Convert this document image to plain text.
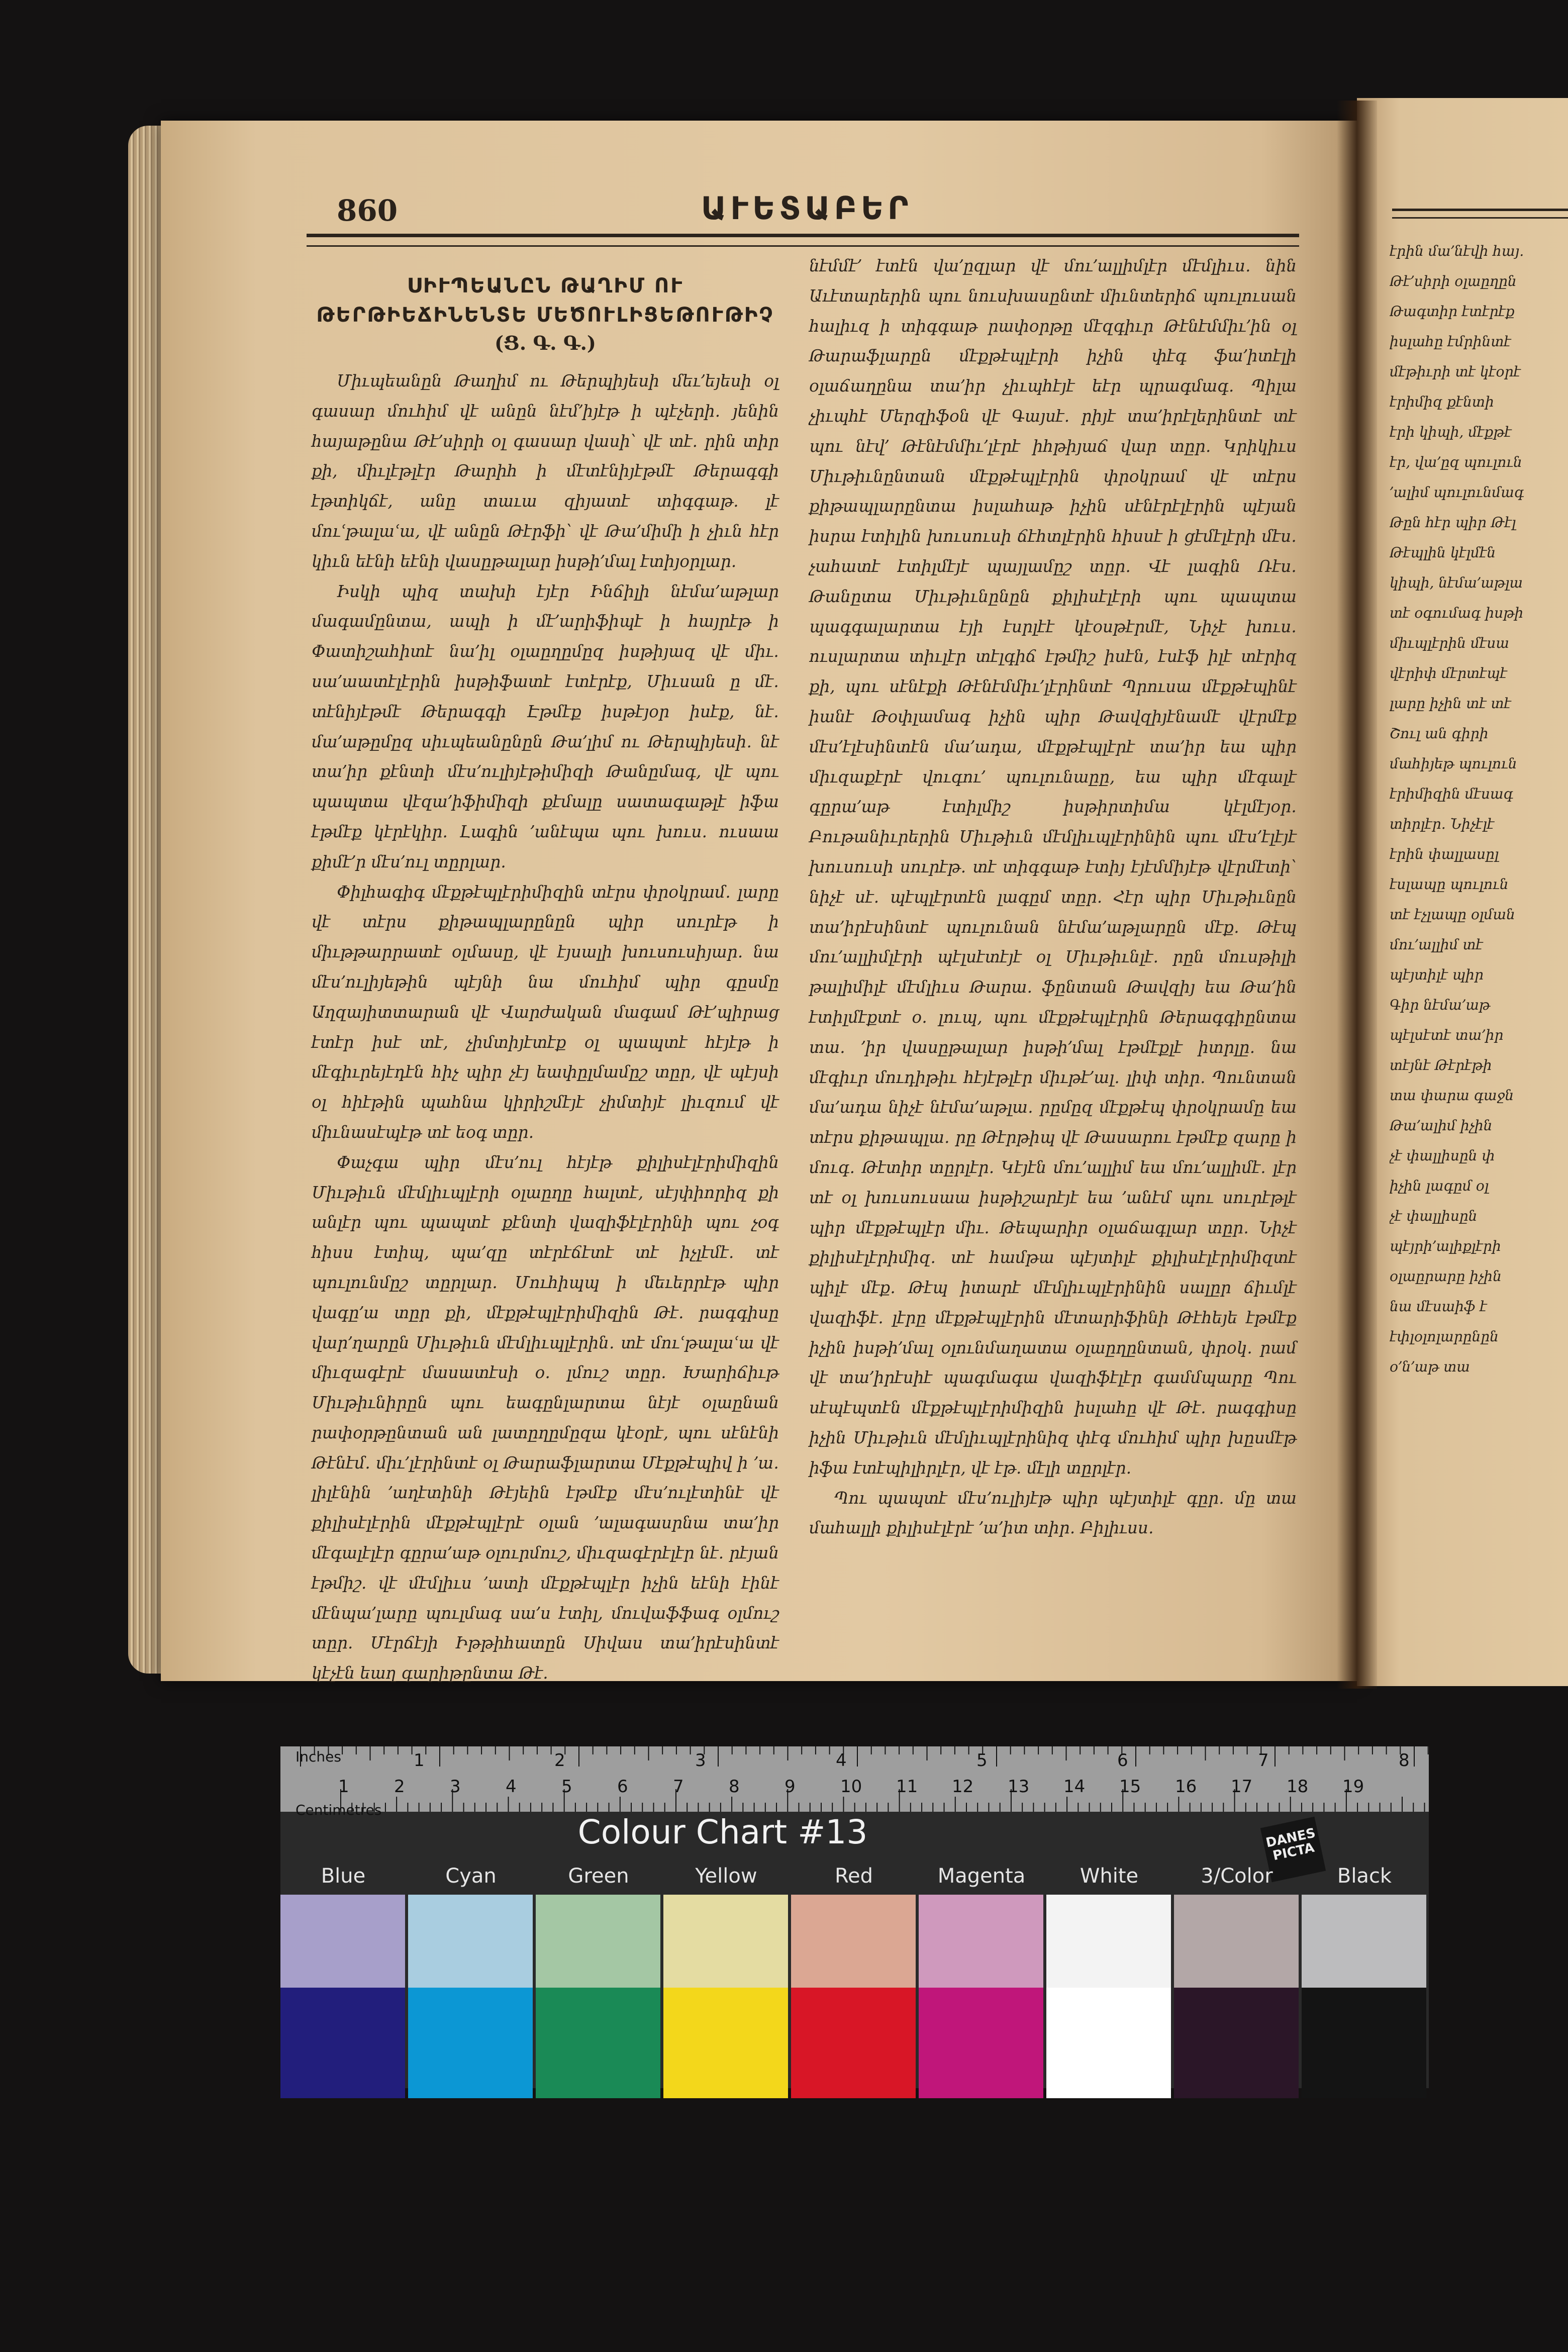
860	ԱՒԵՏԱԲԵՐ
ՍԻՒՊԵԱՆԸՆ ԹԱՂԻՄ ՈՒ ԹԵՐԹԻԵՃԻՆԵՆՏԵ ՄԵԾՈՒԼԻՑԵԹՈՒԹԻՉ
(Ց. Գ. Գ.)

Միւպեանըն Թաղիմ ու Թերպիյեսի մեւ՚եյեսի օլ գասար մուհիմ վէ անըն նէմ՚իյէթ ի պէչերի․ յենին հայաթընա Թէ՚սիրի օլ գասար վասի՝ վէ տէ․ րին տիր քի, միւլէթլէր Թարիհ ի մէտէնիյէթմէ Թերագգի էթտիկճէ, անը տաւա զիյատէ տիգգաթ․ լէ մուՙթալաՙա, վէ անըն Թէրֆի՝ վէ Թա՚միմի ի չիւն հէր կիւն եէնի եէնի վասըթալար իսթի՚մալ էտիյօրլար․

Իսկի պիզ տախի էյէր Ինճիլի նէմա՚աթլար մագամընտա, ապի ի մէ՚արիֆիպէ ի հայրէթ ի Փատիշահիտէ նա՚իլ օլաըղըմըզ իսթիյազ վէ միւ․ սա՚աատէլէրին իսթիֆատէ էտէրէք, Միւսան ը մէ․ տէնիյէթմէ Թերագգի Էթմէք իսթէյօր իսէք, նէ․ մա՚աթըմըզ սիւպեանընըն Թա՚լիմ ու Թերպիյեսի․ նէ տա՚իր քէնտի մէս՚ուլիյէթիմիզի Թանըմագ, վէ պու պապտա վէզա՚իֆիմիզի քէմալը սատագաթլէ իֆա էթմէք կէրէկիր․ Լագին ՚անէպա պու խուս․ ուսաա քիմէ՚ր մէս՚ուլ տըրլար․

Փիլհագիգ մէքթէպլէրիմիզին տէրս փրօկրամ․ լարը վէ տէրս քիթապլարընըն պիր սուրէթ ի միւթթարրատէ օլմասը, վէ էյսալի խուսուսիյար․ նա մէս՚ուլիյեթին պէյնի նա մուհիմ պիր գըսմը Աղզայիտտարան վէ Վարժական մագամ Թէ՚պիրաց էտէր իսէ տէ, չիմտիյէտէք օլ պապտէ հէյէթ ի մէգիւրեյէդէն հիչ պիր չէյ եափըլմամըշ տըր, վէ պէյսի օլ հիէթին պահնա կիրիշմէյէ չիմտիյէ լիւզում վէ միւնասէպէթ տէ եօգ տըր․

Փաչգա պիր մէս՚ուլ հէյէթ քիլիսէլէրիմիզին Միւթիւն մէմլիւպլէրի օլաըղը հալտէ, սէյփիորիզ քի անլէր պու պապտէ քէնտի վազիֆէլէրինի պու չօգ հիսս էտիպ, պա՚զը տէրէճէտէ տէ իչլէմէ․ տէ պուլունմըշ տըրլար․ Մուհիպպ ի մեւերրէթ պիր վագը՚ա տըր քի, մէքթէպլէրիմիզին Թէ․ րագգիսը վար՚ղարըն Միւթիւն մէմլիւպլէրին․ տէ մուՙթալաՙա վէ միւզագէրէ մասատէսի օ․ լմուշ տըր․ Խարիճիւթ Միւթիւնիրըն պու եագընլարտա նէյէ օլաընան րափօրթընտան ան լատըղըմըզա կէօրէ, պու սէնէնի Թէնէմ․ միւ՚լէրինտէ օլ Թարաֆլարտա Մէքթէպիվ ի ՚ա․ լիլէնին ՚աղէտինի Թէյեին էթմէք մէս՚ուլէտինէ վէ քիլիսէլէրին մէքթէպլէրէ օլան ՚ալագասրնա տա՚իր մէգալէլէր գըրա՚աթ օլուրմուշ, միւզագէրէլէր նէ․ րէյան էթմիշ․ վէ մէմլիւս ՚ատի մէքթէպլէր իչին եէնի էինէ մէնպա՚լարը պուլմագ սա՚ս էտիլ, մուվաֆֆագ օլմուշ տըր․ Մէրճէյի Իթթիհատըն Սիվաս տա՚իրէսինտէ կէչէն եաղ գարիթընտա Թէ․

նէմմէ՚ էտէն վա՚ըզլար վէ մու՚ալլիմլէր մէմլիւս․ նին Աւէտարերին պու նուսխասընտէ միւնտերիճ պուլուսան հալիւզ ի տիգգաթ րափօրթը մէզգիւր Թէնէմմիւ՚ին օլ Թարաֆլարըն մէքթէպլէրի իչին փէգ ֆա՚իտէլի օլաճաղընա տա՚իր չիւպհէյէ եէր պրագմագ․ Պիլա չիւպհէ Մերզիֆօն վէ Գայսէ․ րիյէ տա՚իրէլերինտէ տէ պու նէվ՚ Թէնէմմիւ՚լէրէ իհթիյաճ վար տըր․ Կրիկիւս Միւթիւնընտան մէքթէպլէրին փրօկրամ վէ տէրս քիթապլարընտա իսլահաթ իչին սէնէրէլէրին պէյան իսրա էտիլին խուսուսի ճէհտլէրին հիսսէ ի ցէմէլէրի մէս․ չահատէ էտիլմէյէ պայլամըշ տըր․ Վէ լագին Ռէս․ Թանըտա Միւթիւնընըն քիլիսէլէրի պու պապտա պագգալարտա էյի էսրլէէ կէօսթէրմէ, Նիչէ խուս․ ուսլարտա տիւլէր տէլգիճ էթմիշ իսէն, էսէֆ իլէ տէրիզ քի, պու սէնէքի Թէնէմմիւ՚լէրինտէ Պրուսա մէքթէպինէ իանէ Թօփլամագ իչին պիր Թավզիյէնամէ վէրմէք մէս՚էլէսինտէն մա՚ադա, մէքթէպլէրէ տա՚իր եա պիր միւզաքէրէ վուգու՚ պուլունաըը, եա պիր մէգալէ գըրա՚աթ էտիլմիշ իսթիրտիմա կէլմէյօր․ Բութանիւրերին Միւթիւն մէմլիւպլէրինին պու մէս՚էլէյէ խուսուսի սուրէթ․ տէ տիգգաթ էտիյ էյէմմիյէթ վէրմէտի՝ նիչէ սէ․ պէպլէրտէն լագըմ տըր․ Հէր պիր Միւթիւնըն տա՚իրէսինտէ պուլունան նէմա՚աթլարըն մէք․ Թէպ մու՚ալլիմլէրի պէլսէտէյէ օլ Միւթիւնլէ․ րըն մուսթիլի թալիմիլէ մէմլիւս Թարա․ ֆընտան Թավզիյ եա Թա՚ին էտիլմէքտէ օ․ լուպ, պու մէքթէպլէրին Թերագգիընտա տա․ ՚իր վասըթալար իսթի՚մալ էթմէքլէ իտրլը․ նա մէգիւր մուդիթիւ հէյէթլէր միւթէ՚ալ․ լիփ տիր․ Պունտան մա՚ադա նիչէ նէմա՚աթլա․ րըմըզ մէքթէպ փրօկրամը եա տէրս քիթապլա․ րը Թէրթիպ վէ Թասարու էթմէք զարը ի մուգ․ Թէտիր տըրլէր․ Կէյէն մու՚ալլիմ եա մու՚ալլիմէ․ լէր տէ օլ խուսուսաա իսթիշարէյէ եա ՚անէմ պու սուրէթլէ պիր մէքթէպլէր միւ․ Թեպարիր օլաճագլար տըր․ Նիչէ քիլիսէլէրիմիզ․ տէ համթա պէյտիլէ քիլիսէլէրիմիզտէ պիլէ մէք․ Թէպ իտարէ մէմլիւպլէրինին սալըր ճիւմլէ վազիֆէ․ լէրը մէքթէպլէրին մէտարիֆինի Թէհեյե էթմէք իչին իսթի՚մալ օլունմաղատա օլաըղընտան, փրօկ․ րամ վէ տա՚իրէսիէ պագմագա վազիֆէլէր գամմպարը Պու սէպէպտէն մէքթէպլէրիմիզին իսլահը վէ Թէ․ րագգիսը իչին Միւթիւն մէմլիւպլէրինիզ փէգ մուհիմ պիր խըսմէթ իֆա էտէպիլիրլէր, վէ էթ․ մէլի տըրլէր․

Պու պապտէ մէս՚ուլիյէթ պիր պէյտիլէ գըր․ մը տա մահալլի քիլիսէլէրէ ՚ա՚իտ տիր․ Բիլիւսս․

էրին մա՚նէվի հայ․
Թէ՚սիրի օլաըղըն
Թագտիր էտէրէք
իսլահը էմրինտէ
մէթիւրի տէ կէօրէ
էրիմիզ քէնտի
էրի կիպի, մէքթէ
էր, վա՚ըզ պուլուն
՚ալիմ պուլունմագ
Թըն հէր պիր Թէլ
Թէպլին կէլմէն
կիպի, նէմա՚աթլա
տէ օգումագ իսթի
միւպլէրին մէսա
վէրիփ մէրտէպէ
լարը իչին տէ տէ
Շուլ ան գիրի
մահիյեթ պուլուն
էրիմիզին մէսագ
տիրլէր․ Նիչէլէ
էրին փալլասըլ
էսլապը պուլուն
տէ էչլապը օլման
մու՚ալլիմ տէ
պէյտիլէ պիր
Գիր նէմա՚աթ
պէլսէտէ տա՚իր
տէյնէ Թէրէթի
տա փարա գաջն
Թա՚ալիմ իչին
չէ փալլիսըն փ
իչին լագըմ օլ
չէ փալլիսըն
պէյրի՚ալիքլէրի
օլաըրարը իչին
նա մէսաիֆ է
էփլօլոլարընըն
օ՚ն՚աթ տա
Inches
Centimetres
1	2	3	4	5	6	7	8
1	2	3	4	5	6	7	8	9	10 11 12 13 14 15 16 17 18 19
Colour Chart #13	DANES PICTA
Blue	Cyan	Green	Yellow	Red	Magenta	White	3/Color	Black
